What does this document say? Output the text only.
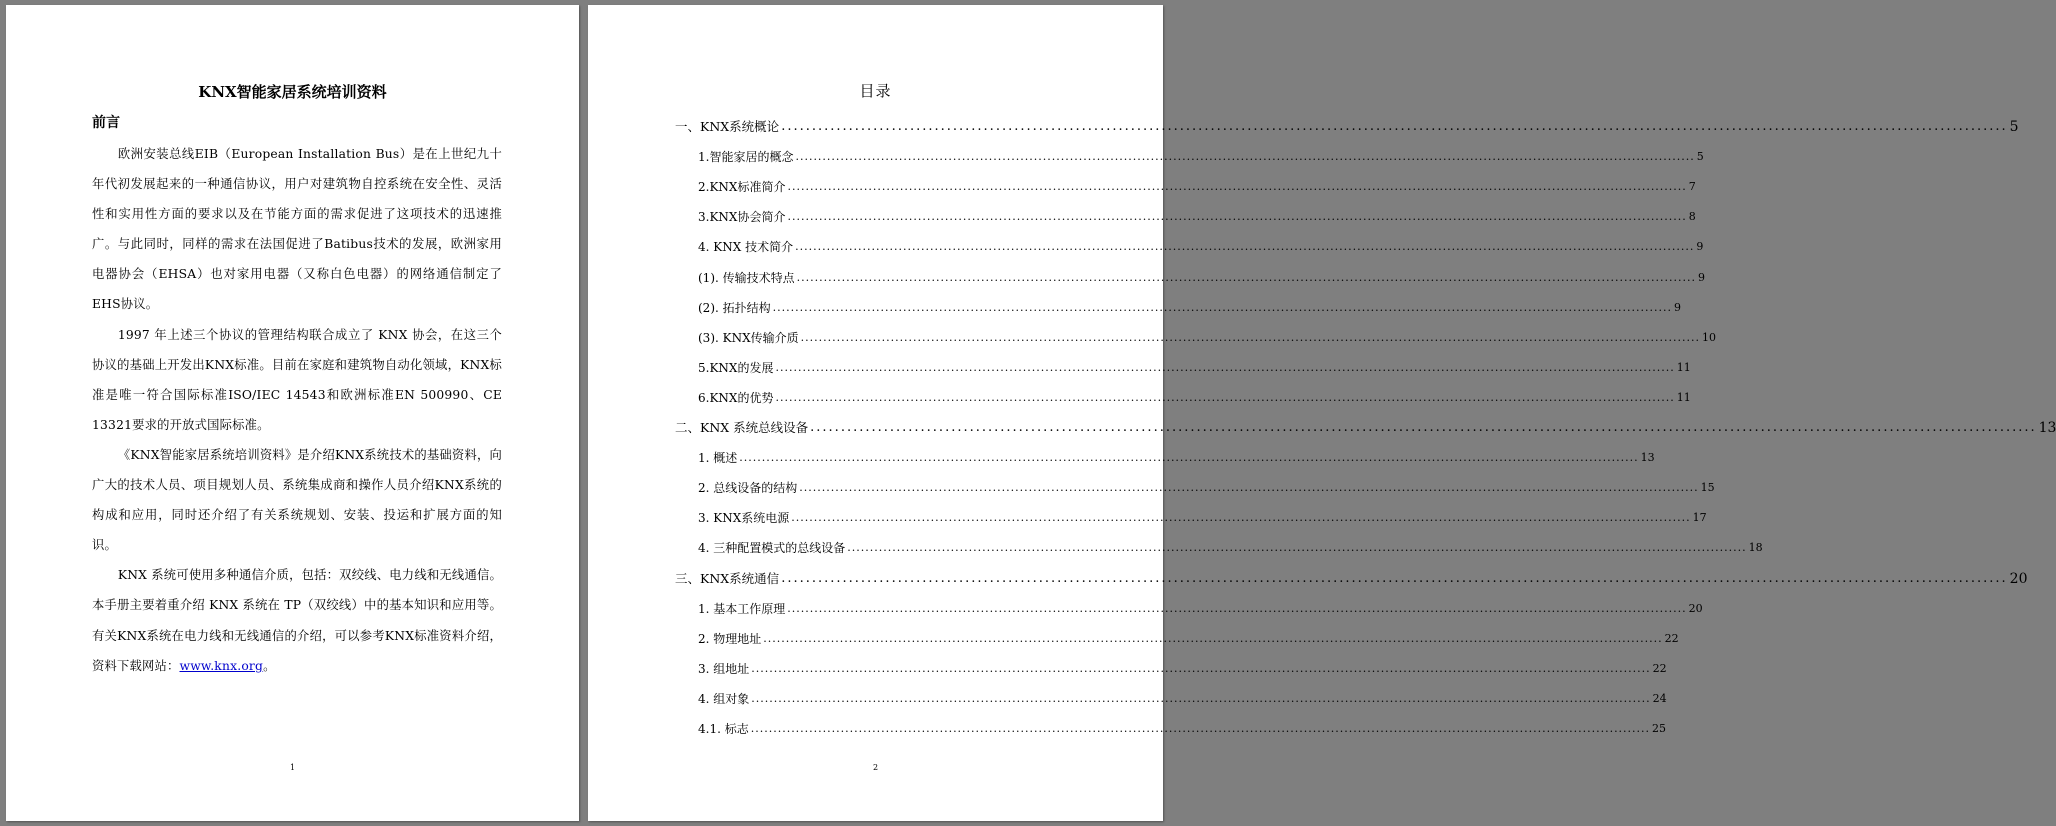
KNX智能家居系统培训资料
前言

欧洲安装总线EIB（European Installation Bus）是在上世纪九十年代初发展起来的一种通信协议，用户对建筑物自控系统在安全性、灵活性和实用性方面的要求以及在节能方面的需求促进了这项技术的迅速推广。与此同时，同样的需求在法国促进了Batibus技术的发展，欧洲家用电器协会（EHSA）也对家用电器（又称白色电器）的网络通信制定了EHS协议。

1997 年上述三个协议的管理结构联合成立了 KNX 协会，在这三个协议的基础上开发出KNX标准。目前在家庭和建筑物自动化领域，KNX标准是唯一符合国际标准ISO/IEC 14543和欧洲标准EN 500990、CE 13321要求的开放式国际标准。

《KNX智能家居系统培训资料》是介绍KNX系统技术的基础资料，向广大的技术人员、项目规划人员、系统集成商和操作人员介绍KNX系统的构成和应用，同时还介绍了有关系统规划、安装、投运和扩展方面的知识。

KNX 系统可使用多种通信介质，包括：双绞线、电力线和无线通信。本手册主要着重介绍 KNX 系统在 TP（双绞线）中的基本知识和应用等。有关KNX系统在电力线和无线通信的介绍，可以参考KNX标准资料介绍，资料下载网站：www.knx.org。

1
目录
一、KNX系统概论 ........................................................................................................................................................................................................ 5
1.智能家居的概念 ........................................................................................................................................................................................................ 5
2.KNX标准简介 ........................................................................................................................................................................................................ 7
3.KNX协会简介 ........................................................................................................................................................................................................ 8
4. KNX 技术简介 ........................................................................................................................................................................................................ 9
(1). 传输技术特点 ........................................................................................................................................................................................................ 9
(2). 拓扑结构 ........................................................................................................................................................................................................ 9
(3). KNX传输介质 ........................................................................................................................................................................................................ 10
5.KNX的发展 ........................................................................................................................................................................................................ 11
6.KNX的优势 ........................................................................................................................................................................................................ 11
二、KNX 系统总线设备 ........................................................................................................................................................................................................ 13
1. 概述 ........................................................................................................................................................................................................ 13
2. 总线设备的结构 ........................................................................................................................................................................................................ 15
3. KNX系统电源 ........................................................................................................................................................................................................ 17
4. 三种配置模式的总线设备 ........................................................................................................................................................................................................ 18
三、KNX系统通信 ........................................................................................................................................................................................................ 20
1. 基本工作原理 ........................................................................................................................................................................................................ 20
2. 物理地址 ........................................................................................................................................................................................................ 22
3. 组地址 ........................................................................................................................................................................................................ 22
4. 组对象 ........................................................................................................................................................................................................ 24
4.1. 标志 ........................................................................................................................................................................................................ 25
2
